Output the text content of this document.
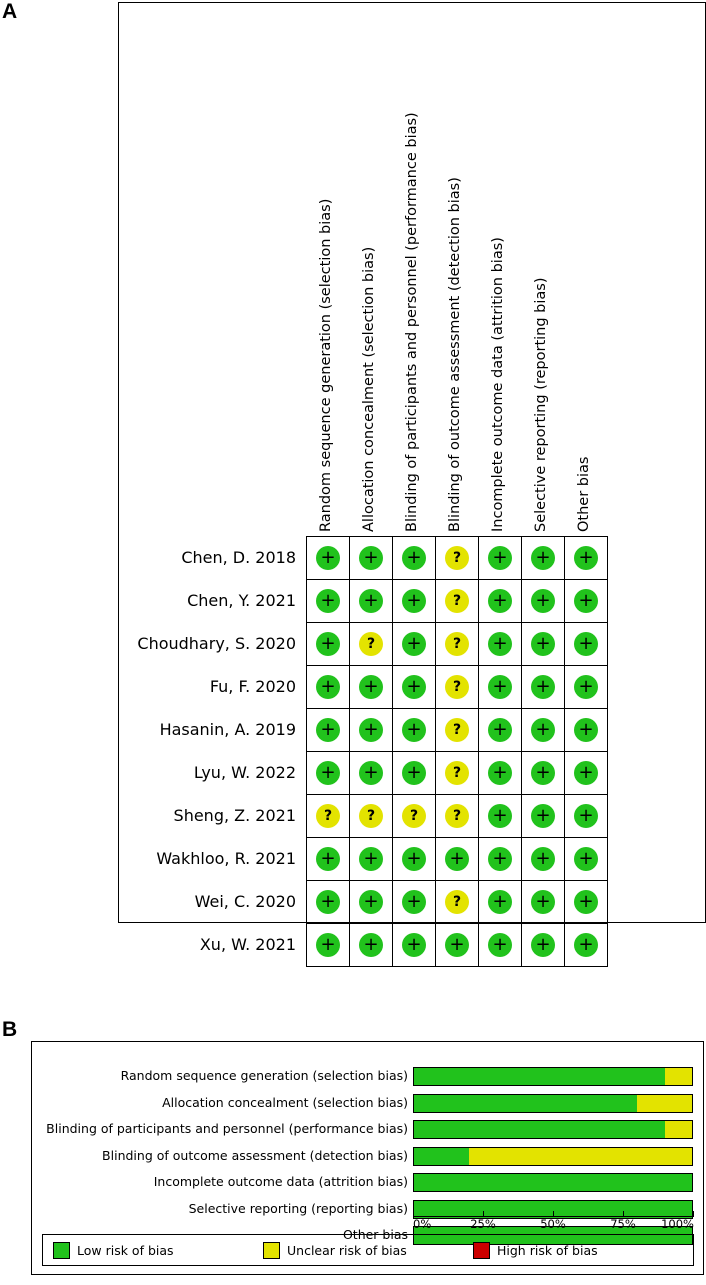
A
B
Random sequence generation (selection bias) Allocation concealment (selection bias) Blinding of participants and personnel (performance bias) Blinding of outcome assessment (detection bias) Incomplete outcome data (attrition bias) Selective reporting (reporting bias) Other bias
Chen, D. 2018 + + +	?	+ + +
Chen, Y. 2021 + + +	?	+ + +
Choudhary, S. 2020 +	?	+	?	+ + +
Fu, F. 2020 + + +	?	+ + +
Hasanin, A. 2019 + + +	?	+ + +
Lyu, W. 2022 + + +	?	+ + +
Sheng, Z. 2021	?	?	?	?	+ + +
Wakhloo, R. 2021 + + + + + + +
Wei, C. 2020 + + +	?	+ + +
Xu, W. 2021 + + + + + + +
Random sequence generation (selection bias)
Allocation concealment (selection bias)
Blinding of participants and personnel (performance bias)
Blinding of outcome assessment (detection bias)
Incomplete outcome data (attrition bias)
Selective reporting (reporting bias)
Other bias
0%	25%	50%	75% 100%
Low risk of bias	Unclear risk of bias	High risk of bias
